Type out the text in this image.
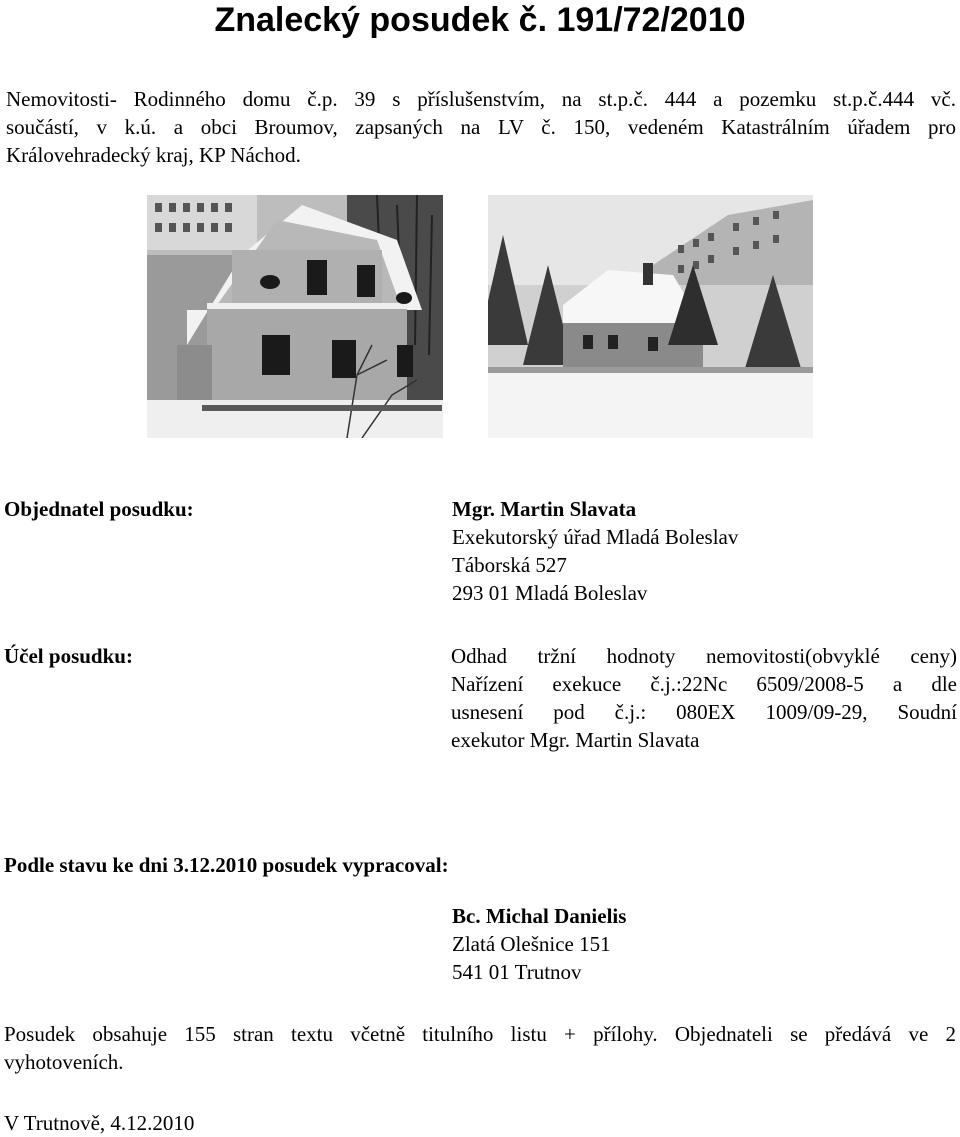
Znalecký posudek č. 191/72/2010
Nemovitosti- Rodinného domu č.p. 39 s příslušenstvím, na st.p.č. 444 a pozemku st.p.č.444 vč.
součástí, v k.ú. a obci Broumov, zapsaných na LV č. 150, vedeném Katastrálním úřadem pro
Královehradecký kraj, KP Náchod.
Objednatel posudku:	Mgr. Martin Slavata
Exekutorský úřad Mladá Boleslav
Táborská 527
293 01 Mladá Boleslav
Účel posudku:	Odhad tržní hodnoty nemovitosti(obvyklé ceny)
Nařízení exekuce č.j.:22Nc 6509/2008-5 a dle
usnesení pod č.j.: 080EX 1009/09-29, Soudní
exekutor Mgr. Martin Slavata
Podle stavu ke dni 3.12.2010 posudek vypracoval:
Bc. Michal Danielis
Zlatá Olešnice 151
541 01 Trutnov
Posudek obsahuje 155 stran textu včetně titulního listu + přílohy. Objednateli se předává ve 2
vyhotoveních.
V Trutnově, 4.12.2010
